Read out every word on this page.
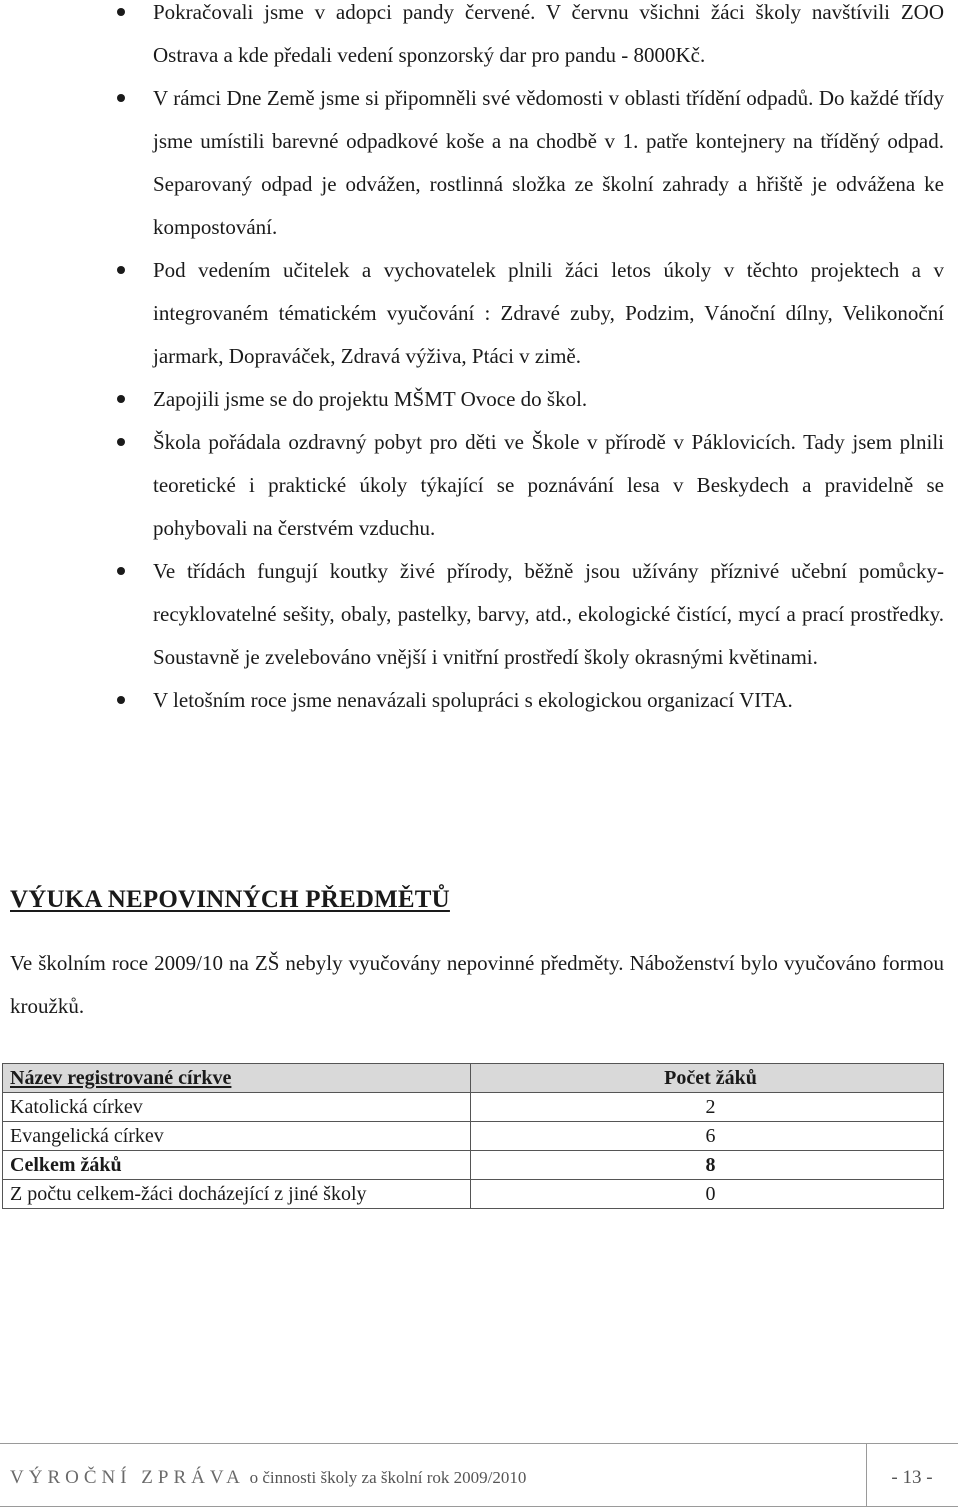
Pokračovali jsme v adopci pandy červené. V červnu všichni žáci školy navštívili ZOO Ostrava a kde předali vedení sponzorský dar pro pandu - 8000Kč.
V rámci Dne Země jsme si připomněli své vědomosti v oblasti třídění odpadů. Do každé třídy jsme umístili barevné odpadkové koše a na chodbě v 1. patře kontejnery na tříděný odpad. Separovaný odpad je odvážen, rostlinná složka ze školní zahrady a hřiště je odvážena ke kompostování.
Pod vedením učitelek a vychovatelek plnili žáci letos úkoly v těchto projektech a v integrovaném tématickém vyučování : Zdravé zuby, Podzim, Vánoční dílny, Velikonoční jarmark, Dopraváček, Zdravá výživa, Ptáci v zimě.
Zapojili jsme se do projektu MŠMT Ovoce do škol.
Škola pořádala ozdravný pobyt pro děti ve Škole v přírodě v Páklovicích. Tady jsem plnili teoretické i praktické úkoly týkající se poznávání lesa v Beskydech a pravidelně se pohybovali na čerstvém vzduchu.
Ve třídách fungují koutky živé přírody, běžně jsou užívány příznivé učební pomůcky- recyklovatelné sešity, obaly, pastelky, barvy, atd., ekologické čistící, mycí a prací prostředky. Soustavně je zvelebováno vnější i vnitřní prostředí školy okrasnými květinami.
V letošním roce jsme nenavázali spolupráci s ekologickou organizací VITA.
VÝUKA NEPOVINNÝCH PŘEDMĚTŮ
Ve školním roce 2009/10 na ZŠ nebyly vyučovány nepovinné předměty. Náboženství bylo vyučováno formou kroužků.
Název registrované církve	Počet žáků
Katolická církev	2
Evangelická církev	6
Celkem žáků	8
Z počtu celkem-žáci docházející z jiné školy	0
VÝROČNÍ ZPRÁVA o činnosti školy za školní rok 2009/2010	- 13 -
